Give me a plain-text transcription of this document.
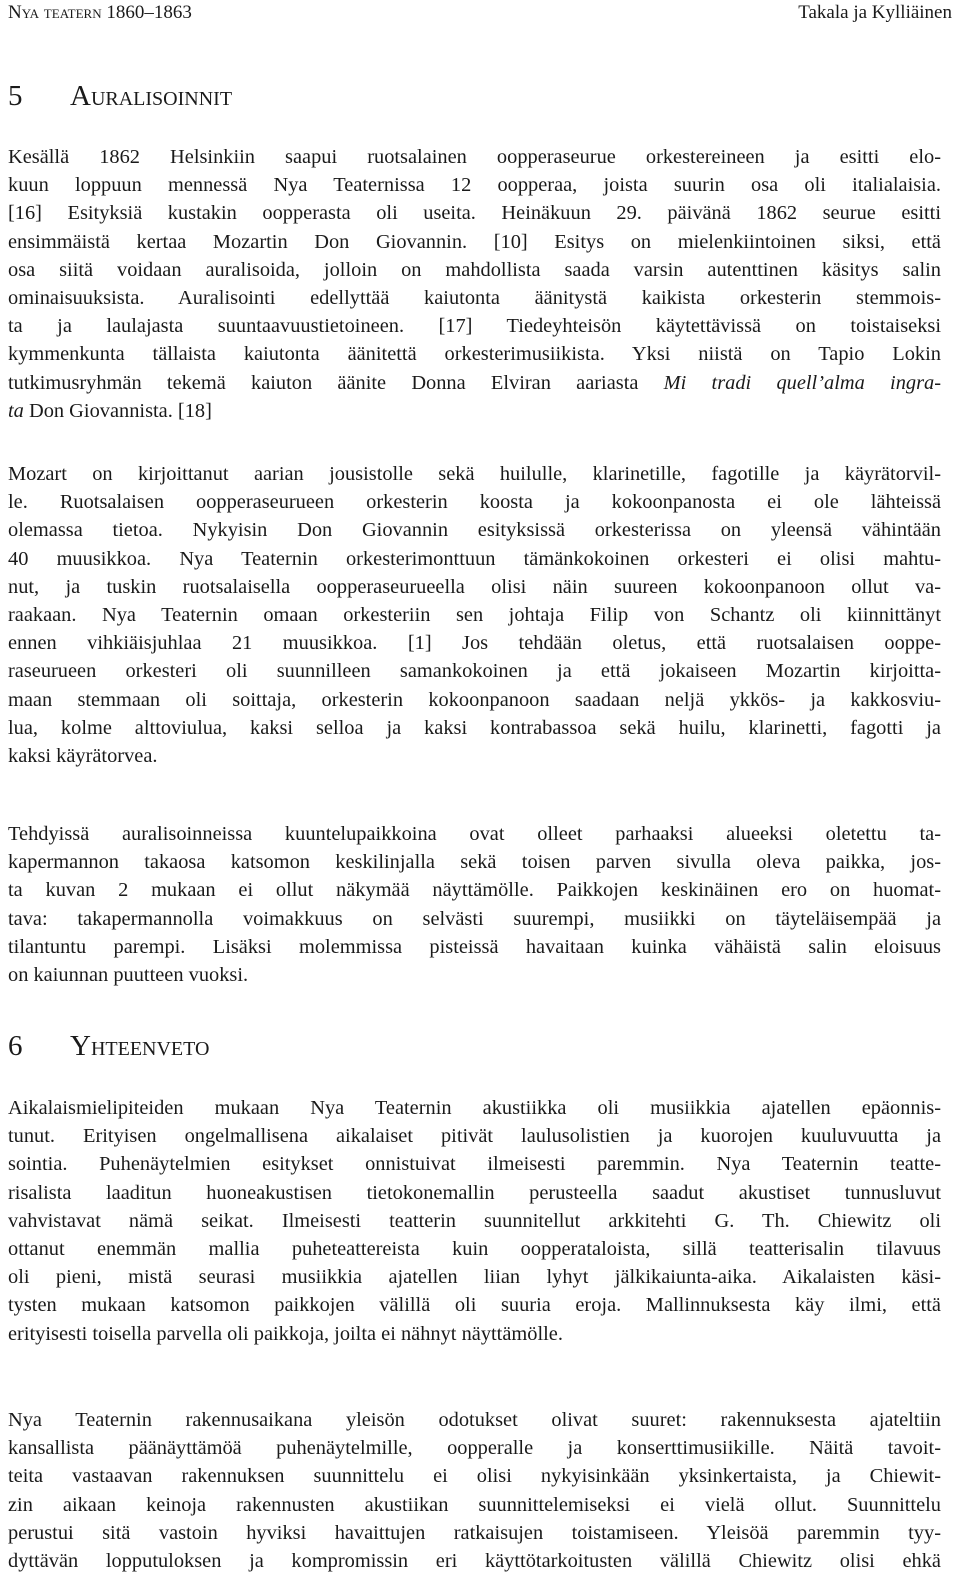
Nya teatern 1860–1863	Takala ja Kylliäinen
5 Auralisoinnit
Kesällä 1862 Helsinkiin saapui ruotsalainen oopperaseurue orkestereineen ja esitti elo-
kuun loppuun mennessä Nya Teaternissa 12 oopperaa, joista suurin osa oli italialaisia.
[16] Esityksiä kustakin oopperasta oli useita. Heinäkuun 29. päivänä 1862 seurue esitti
ensimmäistä kertaa Mozartin Don Giovannin. [10] Esitys on mielenkiintoinen siksi, että
osa siitä voidaan auralisoida, jolloin on mahdollista saada varsin autenttinen käsitys salin
ominaisuuksista. Auralisointi edellyttää kaiutonta äänitystä kaikista orkesterin stemmois-
ta ja laulajasta suuntaavuustietoineen. [17] Tiedeyhteisön käytettävissä on toistaiseksi
kymmenkunta tällaista kaiutonta äänitettä orkesterimusiikista. Yksi niistä on Tapio Lokin
tutkimusryhmän tekemä kaiuton äänite Donna Elviran aariasta Mi tradi quell’alma ingra-
ta Don Giovannista. [18]
Mozart on kirjoittanut aarian jousistolle sekä huilulle, klarinetille, fagotille ja käyrätorvil-
le. Ruotsalaisen oopperaseurueen orkesterin koosta ja kokoonpanosta ei ole lähteissä
olemassa tietoa. Nykyisin Don Giovannin esityksissä orkesterissa on yleensä vähintään
40 muusikkoa. Nya Teaternin orkesterimonttuun tämänkokoinen orkesteri ei olisi mahtu-
nut, ja tuskin ruotsalaisella oopperaseurueella olisi näin suureen kokoonpanoon ollut va-
raakaan. Nya Teaternin omaan orkesteriin sen johtaja Filip von Schantz oli kiinnittänyt
ennen vihkiäisjuhlaa 21 muusikkoa. [1] Jos tehdään oletus, että ruotsalaisen ooppe-
raseurueen orkesteri oli suunnilleen samankokoinen ja että jokaiseen Mozartin kirjoitta-
maan stemmaan oli soittaja, orkesterin kokoonpanoon saadaan neljä ykkös- ja kakkosviu-
lua, kolme alttoviulua, kaksi selloa ja kaksi kontrabassoa sekä huilu, klarinetti, fagotti ja
kaksi käyrätorvea.
Tehdyissä auralisoinneissa kuuntelupaikkoina ovat olleet parhaaksi alueeksi oletettu ta-
kapermannon takaosa katsomon keskilinjalla sekä toisen parven sivulla oleva paikka, jos-
ta kuvan 2 mukaan ei ollut näkymää näyttämölle. Paikkojen keskinäinen ero on huomat-
tava: takapermannolla voimakkuus on selvästi suurempi, musiikki on täyteläisempää ja
tilantuntu parempi. Lisäksi molemmissa pisteissä havaitaan kuinka vähäistä salin eloisuus
on kaiunnan puutteen vuoksi.
6 Yhteenveto
Aikalaismielipiteiden mukaan Nya Teaternin akustiikka oli musiikkia ajatellen epäonnis-
tunut. Erityisen ongelmallisena aikalaiset pitivät laulusolistien ja kuorojen kuuluvuutta ja
sointia. Puhenäytelmien esitykset onnistuivat ilmeisesti paremmin. Nya Teaternin teatte-
risalista laaditun huoneakustisen tietokonemallin perusteella saadut akustiset tunnusluvut
vahvistavat nämä seikat. Ilmeisesti teatterin suunnitellut arkkitehti G. Th. Chiewitz oli
ottanut enemmän mallia puheteattereista kuin oopperataloista, sillä teatterisalin tilavuus
oli pieni, mistä seurasi musiikkia ajatellen liian lyhyt jälkikaiunta-aika. Aikalaisten käsi-
tysten mukaan katsomon paikkojen välillä oli suuria eroja. Mallinnuksesta käy ilmi, että
erityisesti toisella parvella oli paikkoja, joilta ei nähnyt näyttämölle.
Nya Teaternin rakennusaikana yleisön odotukset olivat suuret: rakennuksesta ajateltiin
kansallista päänäyttämöä puhenäytelmille, oopperalle ja konserttimusiikille. Näitä tavoit-
teita vastaavan rakennuksen suunnittelu ei olisi nykyisinkään yksinkertaista, ja Chiewit-
zin aikaan keinoja rakennusten akustiikan suunnittelemiseksi ei vielä ollut. Suunnittelu
perustui sitä vastoin hyviksi havaittujen ratkaisujen toistamiseen. Yleisöä paremmin tyy-
dyttävän lopputuloksen ja kompromissin eri käyttötarkoitusten välillä Chiewitz olisi ehkä
